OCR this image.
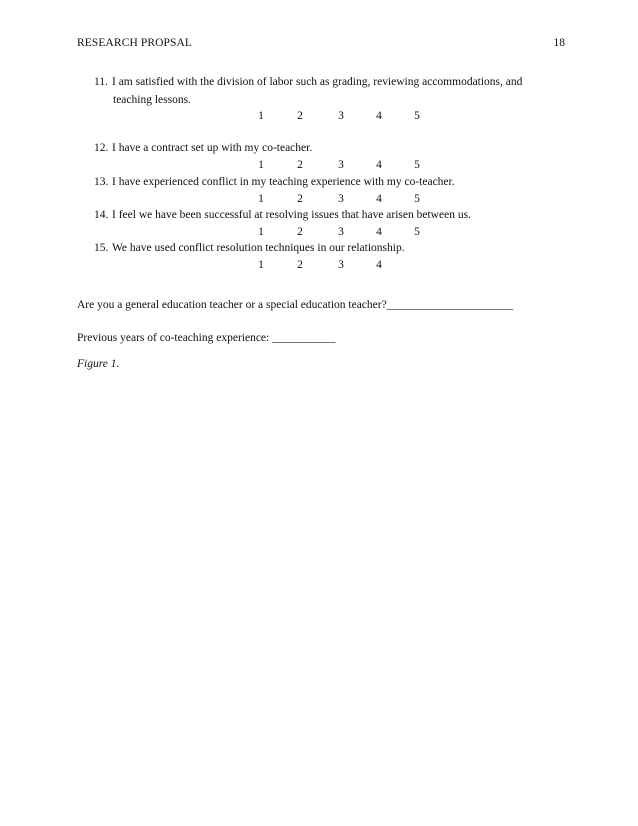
RESEARCH PROPSAL	18
11. I am satisfied with the division of labor such as grading, reviewing accommodations, and
teaching lessons.
1	2	3	4	5
12. I have a contract set up with my co-teacher.
1	2	3	4	5
13. I have experienced conflict in my teaching experience with my co-teacher.
1	2	3	4	5
14. I feel we have been successful at resolving issues that have arisen between us.
1	2	3	4	5
15. We have used conflict resolution techniques in our relationship.
1	2	3	4
Are you a general education teacher or a special education teacher?______________________
Previous years of co-teaching experience: ___________
Figure 1.
